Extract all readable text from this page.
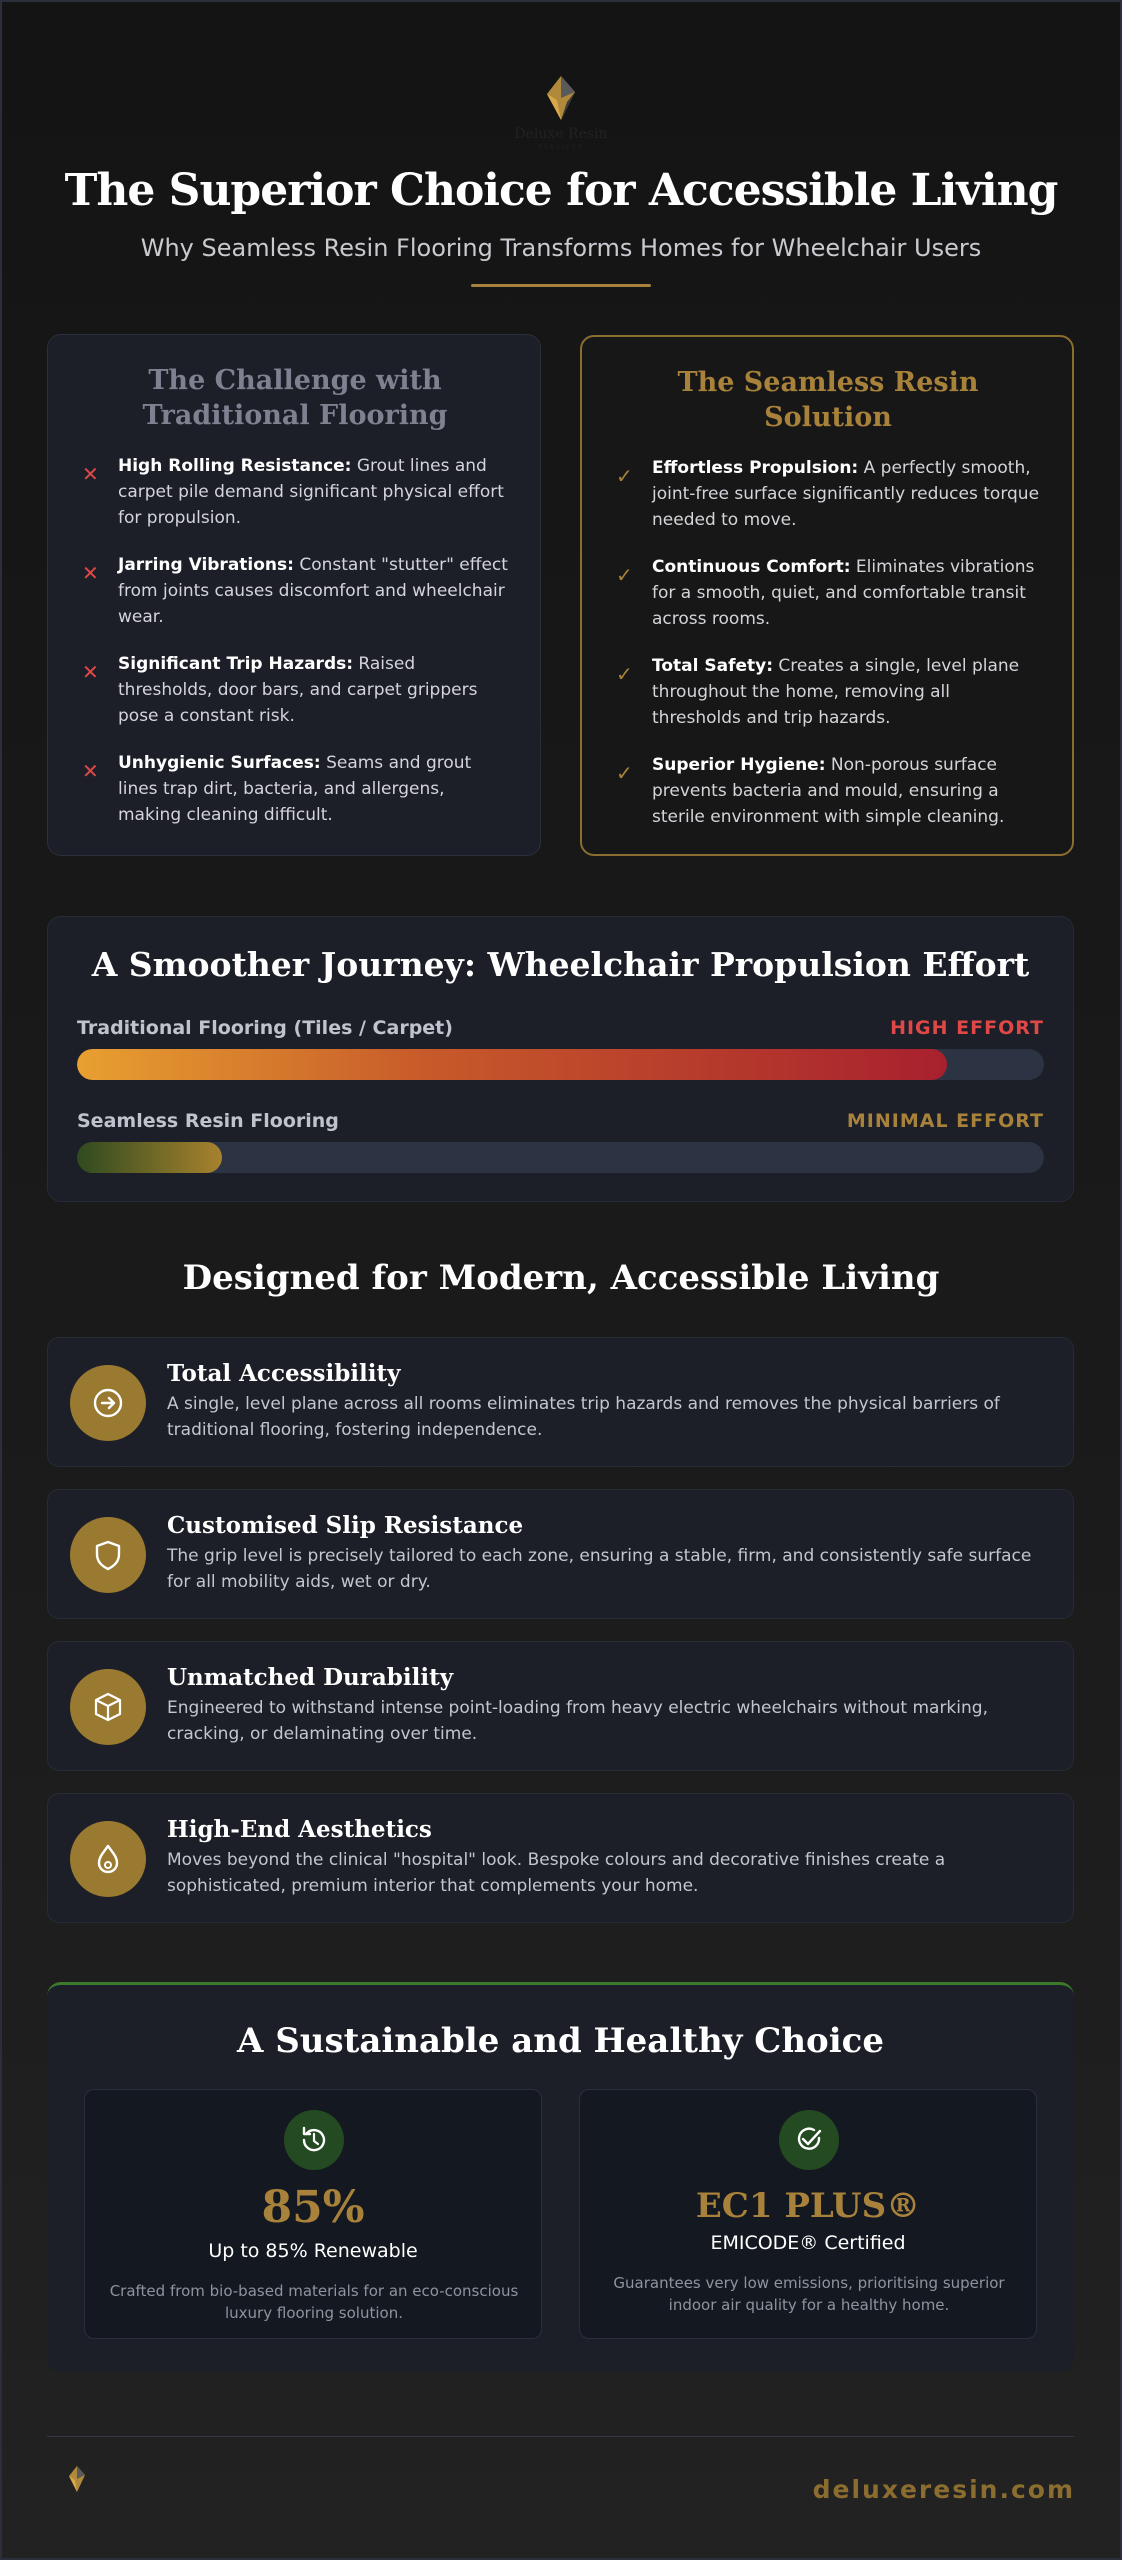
Deluxe Resin
SERVICES
The Superior Choice for Accessible Living
Why Seamless Resin Flooring Transforms Homes for Wheelchair Users
The Challenge with Traditional Flooring
✕	High Rolling Resistance: Grout lines and carpet pile demand significant physical effort for propulsion.
✕	Jarring Vibrations: Constant "stutter" effect from joints causes discomfort and wheelchair wear.
✕	Significant Trip Hazards: Raised thresholds, door bars, and carpet grippers pose a constant risk.
✕	Unhygienic Surfaces: Seams and grout lines trap dirt, bacteria, and allergens, making cleaning difficult.
The Seamless Resin Solution
✓	Effortless Propulsion: A perfectly smooth, joint-free surface significantly reduces torque needed to move.
✓	Continuous Comfort: Eliminates vibrations for a smooth, quiet, and comfortable transit across rooms.
✓	Total Safety: Creates a single, level plane throughout the home, removing all thresholds and trip hazards.
✓	Superior Hygiene: Non-porous surface prevents bacteria and mould, ensuring a sterile environment with simple cleaning.
A Smoother Journey: Wheelchair Propulsion Effort
Traditional Flooring (Tiles / Carpet)	HIGH EFFORT
Seamless Resin Flooring	MINIMAL EFFORT
Designed for Modern, Accessible Living
Total Accessibility

A single, level plane across all rooms eliminates trip hazards and removes the physical barriers of traditional flooring, fostering independence.

Customised Slip Resistance

The grip level is precisely tailored to each zone, ensuring a stable, firm, and consistently safe surface for all mobility aids, wet or dry.

Unmatched Durability

Engineered to withstand intense point-loading from heavy electric wheelchairs without marking, cracking, or delaminating over time.

High-End Aesthetics

Moves beyond the clinical "hospital" look. Bespoke colours and decorative finishes create a sophisticated, premium interior that complements your home.

A Sustainable and Healthy Choice
85%
Up to 85% Renewable
Crafted from bio-based materials for an eco-conscious luxury flooring solution.
EC1 PLUS®
EMICODE® Certified
Guarantees very low emissions, prioritising superior indoor air quality for a healthy home.
Deluxe Resin	deluxeresin.com
